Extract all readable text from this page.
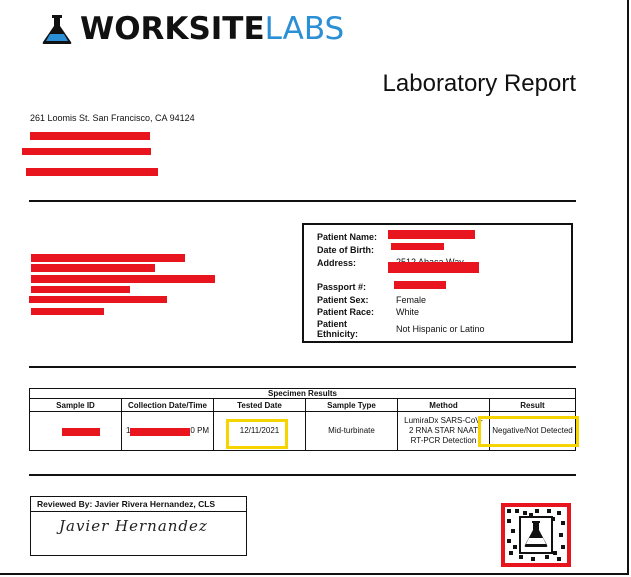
WORKSITELABS
Laboratory Report
261 Loomis St. San Francisco, CA 94124
Patient Name:
Date of Birth:
Address:
Passport #:
Patient Sex:	Female
Patient Race: White
Patient Ethnicity:	Not Hispanic or Latino
Specimen Results					
Sample ID	Collection Date/Time	Tested Date	Sample Type	Method	Result
	1 0 PM	12/11/2021	Mid-turbinate	LumiraDx SARS-CoV-2 RNA STAR NAAT RT-PCR Detection	Negative/Not Detected
Reviewed By: Javier Rivera Hernandez, CLS
Javier Hernandez
